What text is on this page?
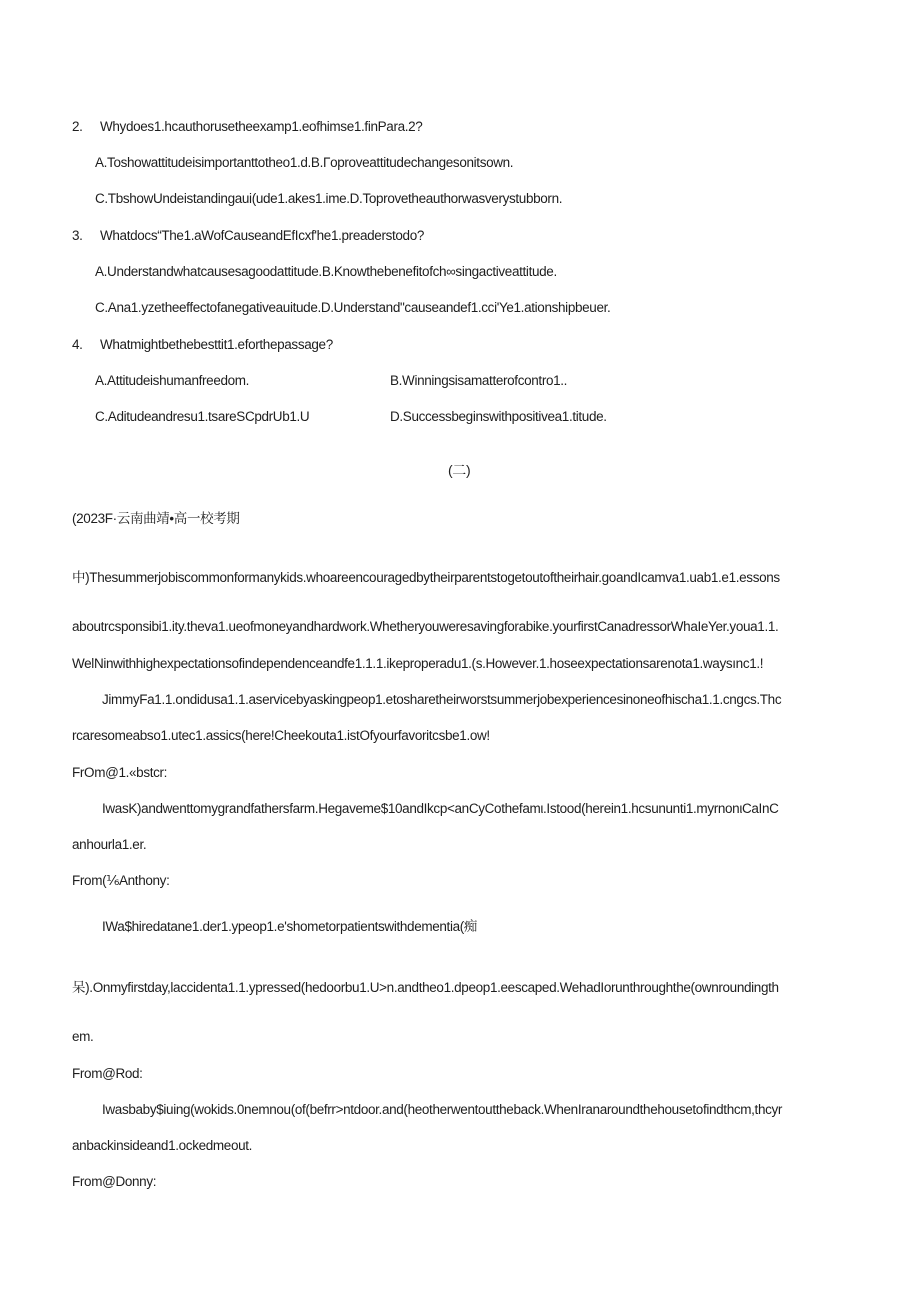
2. Whydoes1.hcauthorusetheexamp1.eofhimse1.finPara.2?
A.Toshowattitudeisimportanttotheo1.d.B.Γoproveattitudechangesonitsown.
C.TbshowUndeistandingaui(ude1.akes1.ime.D.Toprovetheauthorwasverystubborn.
3. Whatdocs“The1.aWofCauseandEfIcxf'he1.preaderstodo?
A.Understandwhatcausesagoodattitude.B.Knowthebenefitofch∞singactiveattitude.
C.Ana1.yzetheeffectofanegativeauitude.D.Understand"causeandef1.cci'Ye1.ationshipbeuer.
4. Whatmightbethebesttit1.eforthepassage?
A.Attitudeishumanfreedom.	B.Winningsisamatterofcontro1..
C.Aditudeandresu1.tsareSCpdrUb1.U	D.Successbeginswithpositivea1.titude.
(二)
(2023F·云南曲靖•高一校考期
中)Thesummerjobiscommonformanykids.whoareencouragedbytheirparentstogetoutoftheirhair.goandIcamva1.uab1.e1.essons
aboutrcsponsibi1.ity.theva1.ueofmoneyandhardwork.Whetheryouweresavingforabike.yourfirstCanadressorWhaIeYer.youa1.1.
WelNinwithhighexpectationsofindependenceandfe1.1.1.ikeproperadu1.(s.However.1.hoseexpectationsarenota1.waysınc1.!
JimmyFa1.1.ondidusa1.1.aservicebyaskingpeop1.etosharetheirworstsummerjobexperiencesinoneofhischa1.1.cngcs.Thc
rcaresomeabso1.utec1.assics(here!Cheekouta1.istOfyourfavoritcsbe1.ow!
FrOm@1.«bstcr:
IwasK)andwenttomygrandfathersfarm.Hegaveme$10andIkcp<anCyCothefamι.Istood(herein1.hcsununti1.myrnonιCaInC
anhourla1.er.
From(⅙Anthony:
IWa$hiredatane1.der1.ypeop1.e'shometorpatientswithdementia(痴
呆).Onmyfirstday,laccidenta1.1.ypressed(hedoorbu1.U>n.andtheo1.dpeop1.eescaped.WehadIorunthroughthe(ownroundingth
em.
From@Rod:
Iwasbaby$iuing(wokids.0nemnou(of(befrr>ntdoor.and(heotherwentouttheback.WhenIranaroundthehousetofindthcm,thcyr
anbackinsideand1.ockedmeout.
From@Donny:
